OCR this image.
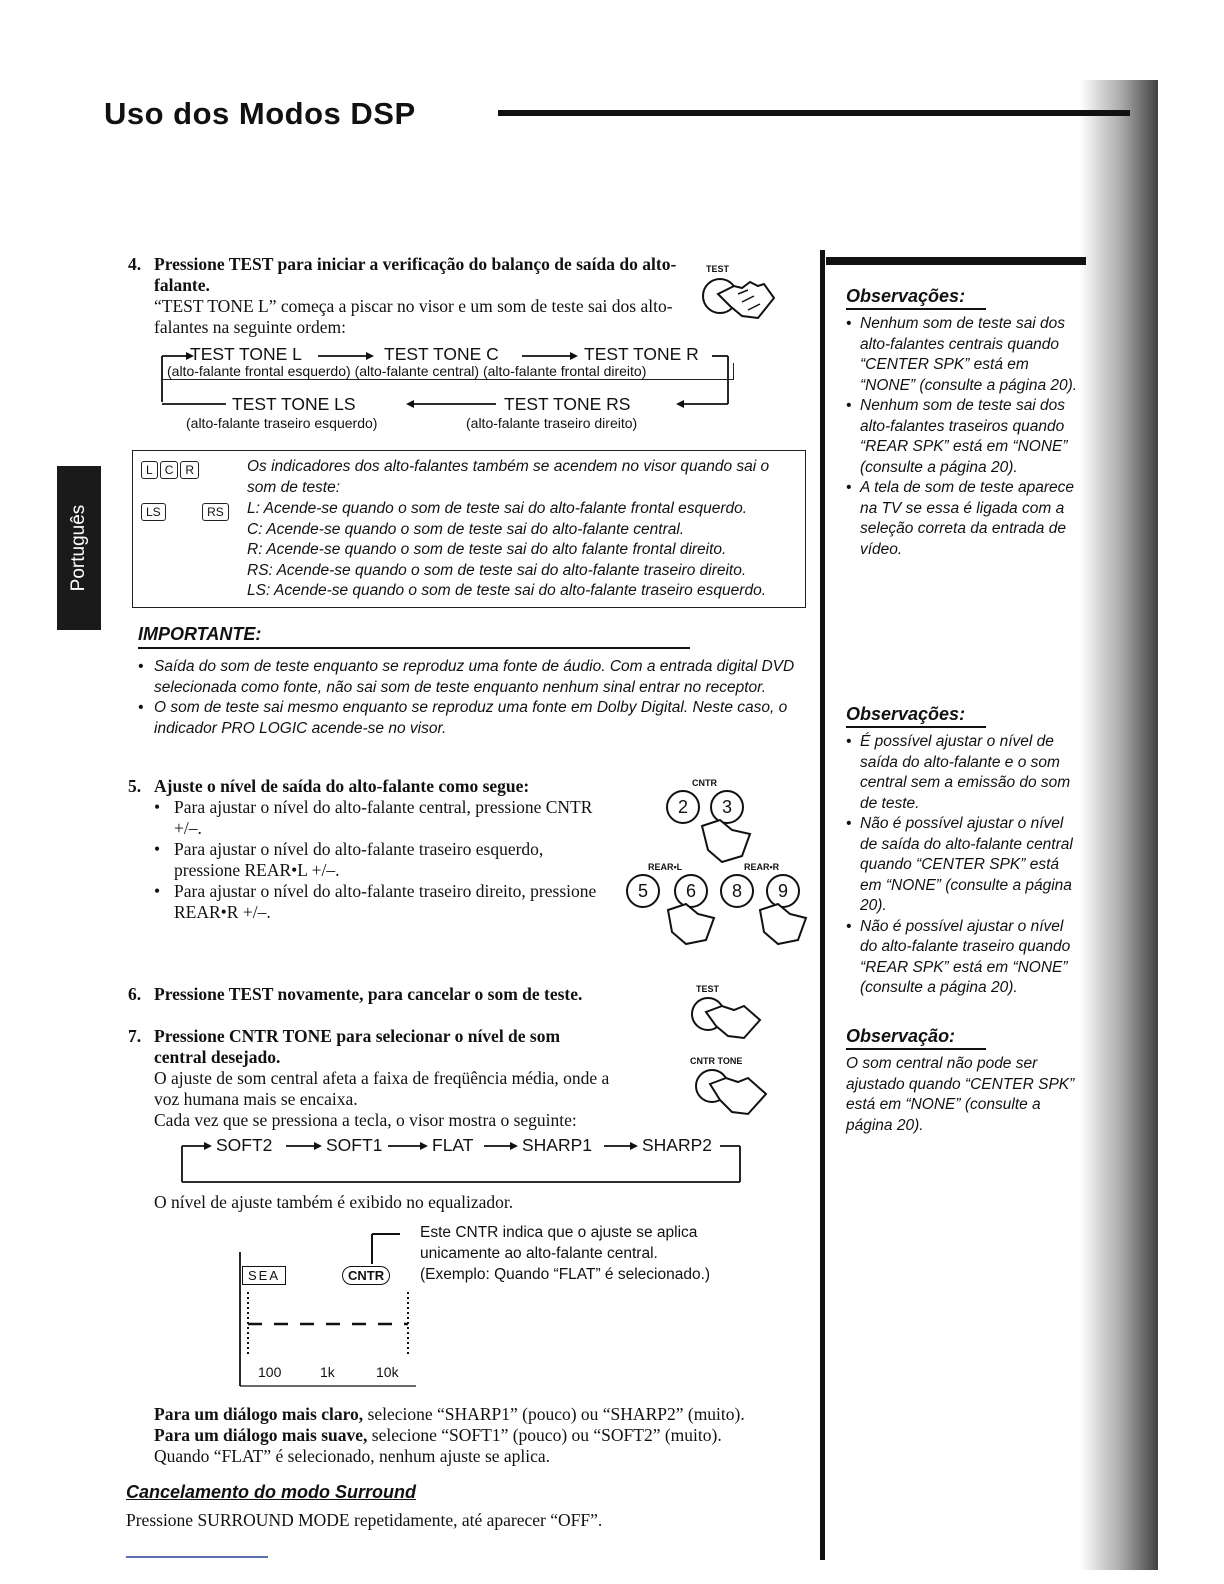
Uso dos Modos DSP
Português
4. Pressione TEST para iniciar a verificação do balanço de saída do alto-falante.
“TEST TONE L” começa a piscar no visor e um som de teste sai dos alto-falantes na seguinte ordem:
TEST
TEST TONE L	TEST TONE C	TEST TONE R
(alto-falante frontal esquerdo) (alto-falante central) (alto-falante frontal direito)
TEST TONE LS	TEST TONE RS
(alto-falante traseiro esquerdo)	(alto-falante traseiro direito)
L C R
LS	RS
Os indicadores dos alto-falantes também se acendem no visor quando sai o som de teste:
L: Acende-se quando o som de teste sai do alto-falante frontal esquerdo.
C: Acende-se quando o som de teste sai do alto-falante central.
R: Acende-se quando o som de teste sai do alto falante frontal direito.
RS: Acende-se quando o som de teste sai do alto-falante traseiro direito.
LS: Acende-se quando o som de teste sai do alto-falante traseiro esquerdo.
IMPORTANTE:
• Saída do som de teste enquanto se reproduz uma fonte de áudio. Com a entrada digital DVD selecionada como fonte, não sai som de teste enquanto nenhum sinal entrar no receptor.
• O som de teste sai mesmo enquanto se reproduz uma fonte em Dolby Digital. Neste caso, o indicador PRO LOGIC acende-se no visor.
5. Ajuste o nível de saída do alto-falante como segue:
• Para ajustar o nível do alto-falante central, pressione CNTR +/–.
• Para ajustar o nível do alto-falante traseiro esquerdo, pressione REAR•L +/–.
• Para ajustar o nível do alto-falante traseiro direito, pressione REAR•R +/–.
CNTR
2	3
REAR•L	REAR•R
5	6	8	9
6. Pressione TEST novamente, para cancelar o som de teste.	TEST
7. Pressione CNTR TONE para selecionar o nível de som central desejado.
O ajuste de som central afeta a faixa de freqüência média, onde a voz humana mais se encaixa.
Cada vez que se pressiona a tecla, o visor mostra o seguinte:
CNTR TONE
SOFT2	SOFT1	FLAT	SHARP1	SHARP2
O nível de ajuste também é exibido no equalizador.
SEA	CNTR
Este CNTR indica que o ajuste se aplica unicamente ao alto-falante central.
(Exemplo: Quando “FLAT” é selecionado.)
100	1k	10k
Para um diálogo mais claro, selecione “SHARP1” (pouco) ou “SHARP2” (muito).
Para um diálogo mais suave, selecione “SOFT1” (pouco) ou “SOFT2” (muito).
Quando “FLAT” é selecionado, nenhum ajuste se aplica.
Cancelamento do modo Surround
Pressione SURROUND MODE repetidamente, até aparecer “OFF”.
Observações:
• Nenhum som de teste sai dos alto-falantes centrais quando “CENTER SPK” está em “NONE” (consulte a página 20).
• Nenhum som de teste sai dos alto-falantes traseiros quando “REAR SPK” está em “NONE” (consulte a página 20).
• A tela de som de teste aparece na TV se essa é ligada com a seleção correta da entrada de vídeo.
Observações:
• É possível ajustar o nível de saída do alto-falante e o som central sem a emissão do som de teste.
• Não é possível ajustar o nível de saída do alto-falante central quando “CENTER SPK” está em “NONE” (consulte a página 20).
• Não é possível ajustar o nível do alto-falante traseiro quando “REAR SPK” está em “NONE” (consulte a página 20).
Observação:
O som central não pode ser ajustado quando “CENTER SPK” está em “NONE” (consulte a página 20).
